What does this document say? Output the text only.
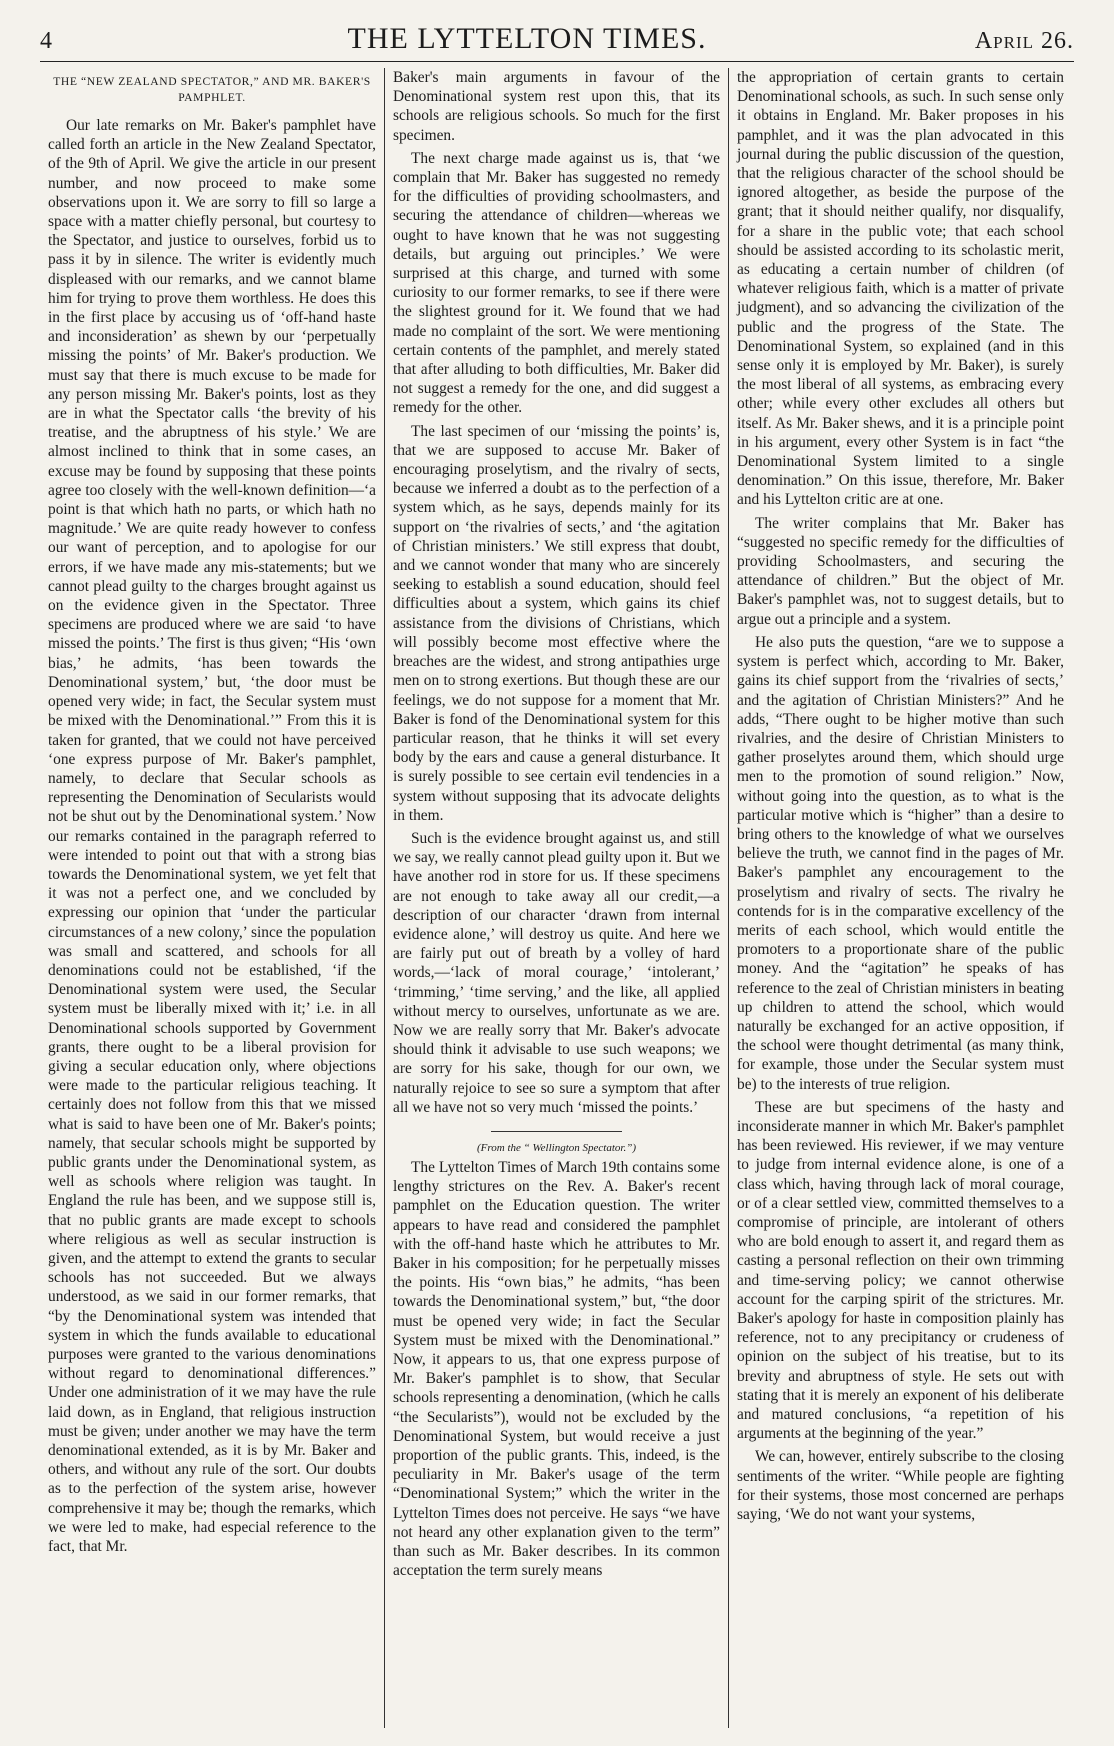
4	THE LYTTELTON TIMES.	April 26.
THE “NEW ZEALAND SPECTATOR,” AND MR. BAKER'S PAMPHLET.

Our late remarks on Mr. Baker's pamphlet have called forth an article in the New Zealand Spectator, of the 9th of April. We give the article in our present number, and now proceed to make some observations upon it. We are sorry to fill so large a space with a matter chiefly personal, but courtesy to the Spectator, and justice to ourselves, forbid us to pass it by in silence. The writer is evidently much displeased with our remarks, and we cannot blame him for trying to prove them worthless. He does this in the first place by accusing us of ‘off-hand haste and inconsideration’ as shewn by our ‘perpetually missing the points’ of Mr. Baker's production. We must say that there is much excuse to be made for any person missing Mr. Baker's points, lost as they are in what the Spectator calls ‘the brevity of his treatise, and the abruptness of his style.’ We are almost inclined to think that in some cases, an excuse may be found by supposing that these points agree too closely with the well-known definition—‘a point is that which hath no parts, or which hath no magnitude.’ We are quite ready however to confess our want of perception, and to apologise for our errors, if we have made any mis-statements; but we cannot plead guilty to the charges brought against us on the evidence given in the Spectator. Three specimens are produced where we are said ‘to have missed the points.’ The first is thus given; “His ‘own bias,’ he admits, ‘has been towards the Denominational system,’ but, ‘the door must be opened very wide; in fact, the Secular system must be mixed with the Denominational.’” From this it is taken for granted, that we could not have perceived ‘one express purpose of Mr. Baker's pamphlet, namely, to declare that Secular schools as representing the Denomination of Secularists would not be shut out by the Denominational system.’ Now our remarks contained in the paragraph referred to were intended to point out that with a strong bias towards the Denominational system, we yet felt that it was not a perfect one, and we concluded by expressing our opinion that ‘under the particular circumstances of a new colony,’ since the population was small and scattered, and schools for all denominations could not be established, ‘if the Denominational system were used, the Secular system must be liberally mixed with it;’ i.e. in all Denominational schools supported by Government grants, there ought to be a liberal provision for giving a secular education only, where objections were made to the particular religious teaching. It certainly does not follow from this that we missed what is said to have been one of Mr. Baker's points; namely, that secular schools might be supported by public grants under the Denominational system, as well as schools where religion was taught. In England the rule has been, and we suppose still is, that no public grants are made except to schools where religious as well as secular instruction is given, and the attempt to extend the grants to secular schools has not succeeded. But we always understood, as we said in our former remarks, that “by the Denominational system was intended that system in which the funds available to educational purposes were granted to the various denominations without regard to denominational differences.” Under one administration of it we may have the rule laid down, as in England, that religious instruction must be given; under another we may have the term denominational extended, as it is by Mr. Baker and others, and without any rule of the sort. Our doubts as to the perfection of the system arise, however comprehensive it may be; though the remarks, which we were led to make, had especial reference to the fact, that Mr.

Baker's main arguments in favour of the Denominational system rest upon this, that its schools are religious schools. So much for the first specimen.

The next charge made against us is, that ‘we complain that Mr. Baker has suggested no remedy for the difficulties of providing schoolmasters, and securing the attendance of children—whereas we ought to have known that he was not suggesting details, but arguing out principles.’ We were surprised at this charge, and turned with some curiosity to our former remarks, to see if there were the slightest ground for it. We found that we had made no complaint of the sort. We were mentioning certain contents of the pamphlet, and merely stated that after alluding to both difficulties, Mr. Baker did not suggest a remedy for the one, and did suggest a remedy for the other.

The last specimen of our ‘missing the points’ is, that we are supposed to accuse Mr. Baker of encouraging proselytism, and the rivalry of sects, because we inferred a doubt as to the perfection of a system which, as he says, depends mainly for its support on ‘the rivalries of sects,’ and ‘the agitation of Christian ministers.’ We still express that doubt, and we cannot wonder that many who are sincerely seeking to establish a sound education, should feel difficulties about a system, which gains its chief assistance from the divisions of Christians, which will possibly become most effective where the breaches are the widest, and strong antipathies urge men on to strong exertions. But though these are our feelings, we do not suppose for a moment that Mr. Baker is fond of the Denominational system for this particular reason, that he thinks it will set every body by the ears and cause a general disturbance. It is surely possible to see certain evil tendencies in a system without supposing that its advocate delights in them.

Such is the evidence brought against us, and still we say, we really cannot plead guilty upon it. But we have another rod in store for us. If these specimens are not enough to take away all our credit,—a description of our character ‘drawn from internal evidence alone,’ will destroy us quite. And here we are fairly put out of breath by a volley of hard words,—‘lack of moral courage,’ ‘intolerant,’ ‘trimming,’ ‘time serving,’ and the like, all applied without mercy to ourselves, unfortunate as we are. Now we are really sorry that Mr. Baker's advocate should think it advisable to use such weapons; we are sorry for his sake, though for our own, we naturally rejoice to see so sure a symptom that after all we have not so very much ‘missed the points.’

(From the “ Wellington Spectator.”)

The Lyttelton Times of March 19th contains some lengthy strictures on the Rev. A. Baker's recent pamphlet on the Education question. The writer appears to have read and considered the pamphlet with the off-hand haste which he attributes to Mr. Baker in his composition; for he perpetually misses the points. His “own bias,” he admits, “has been towards the Denominational system,” but, “the door must be opened very wide; in fact the Secular System must be mixed with the Denominational.” Now, it appears to us, that one express purpose of Mr. Baker's pamphlet is to show, that Secular schools representing a denomination, (which he calls “the Secularists”), would not be excluded by the Denominational System, but would receive a just proportion of the public grants. This, indeed, is the peculiarity in Mr. Baker's usage of the term “Denominational System;” which the writer in the Lyttelton Times does not perceive. He says “we have not heard any other explanation given to the term” than such as Mr. Baker describes. In its common acceptation the term surely means

the appropriation of certain grants to certain Denominational schools, as such. In such sense only it obtains in England. Mr. Baker proposes in his pamphlet, and it was the plan advocated in this journal during the public discussion of the question, that the religious character of the school should be ignored altogether, as beside the purpose of the grant; that it should neither qualify, nor disqualify, for a share in the public vote; that each school should be assisted according to its scholastic merit, as educating a certain number of children (of whatever religious faith, which is a matter of private judgment), and so advancing the civilization of the public and the progress of the State. The Denominational System, so explained (and in this sense only it is employed by Mr. Baker), is surely the most liberal of all systems, as embracing every other; while every other excludes all others but itself. As Mr. Baker shews, and it is a principle point in his argument, every other System is in fact “the Denominational System limited to a single denomination.” On this issue, therefore, Mr. Baker and his Lyttelton critic are at one.

The writer complains that Mr. Baker has “suggested no specific remedy for the difficulties of providing Schoolmasters, and securing the attendance of children.” But the object of Mr. Baker's pamphlet was, not to suggest details, but to argue out a principle and a system.

He also puts the question, “are we to suppose a system is perfect which, according to Mr. Baker, gains its chief support from the ‘rivalries of sects,’ and the agitation of Christian Ministers?” And he adds, “There ought to be higher motive than such rivalries, and the desire of Christian Ministers to gather proselytes around them, which should urge men to the promotion of sound religion.” Now, without going into the question, as to what is the particular motive which is “higher” than a desire to bring others to the knowledge of what we ourselves believe the truth, we cannot find in the pages of Mr. Baker's pamphlet any encouragement to the proselytism and rivalry of sects. The rivalry he contends for is in the comparative excellency of the merits of each school, which would entitle the promoters to a proportionate share of the public money. And the “agitation” he speaks of has reference to the zeal of Christian ministers in beating up children to attend the school, which would naturally be exchanged for an active opposition, if the school were thought detrimental (as many think, for example, those under the Secular system must be) to the interests of true religion.

These are but specimens of the hasty and inconsiderate manner in which Mr. Baker's pamphlet has been reviewed. His reviewer, if we may venture to judge from internal evidence alone, is one of a class which, having through lack of moral courage, or of a clear settled view, committed themselves to a compromise of principle, are intolerant of others who are bold enough to assert it, and regard them as casting a personal reflection on their own trimming and time-serving policy; we cannot otherwise account for the carping spirit of the strictures. Mr. Baker's apology for haste in composition plainly has reference, not to any precipitancy or crudeness of opinion on the subject of his treatise, but to its brevity and abruptness of style. He sets out with stating that it is merely an exponent of his deliberate and matured conclusions, “a repetition of his arguments at the beginning of the year.”

We can, however, entirely subscribe to the closing sentiments of the writer. “While people are fighting for their systems, those most concerned are perhaps saying, ‘We do not want your systems,
